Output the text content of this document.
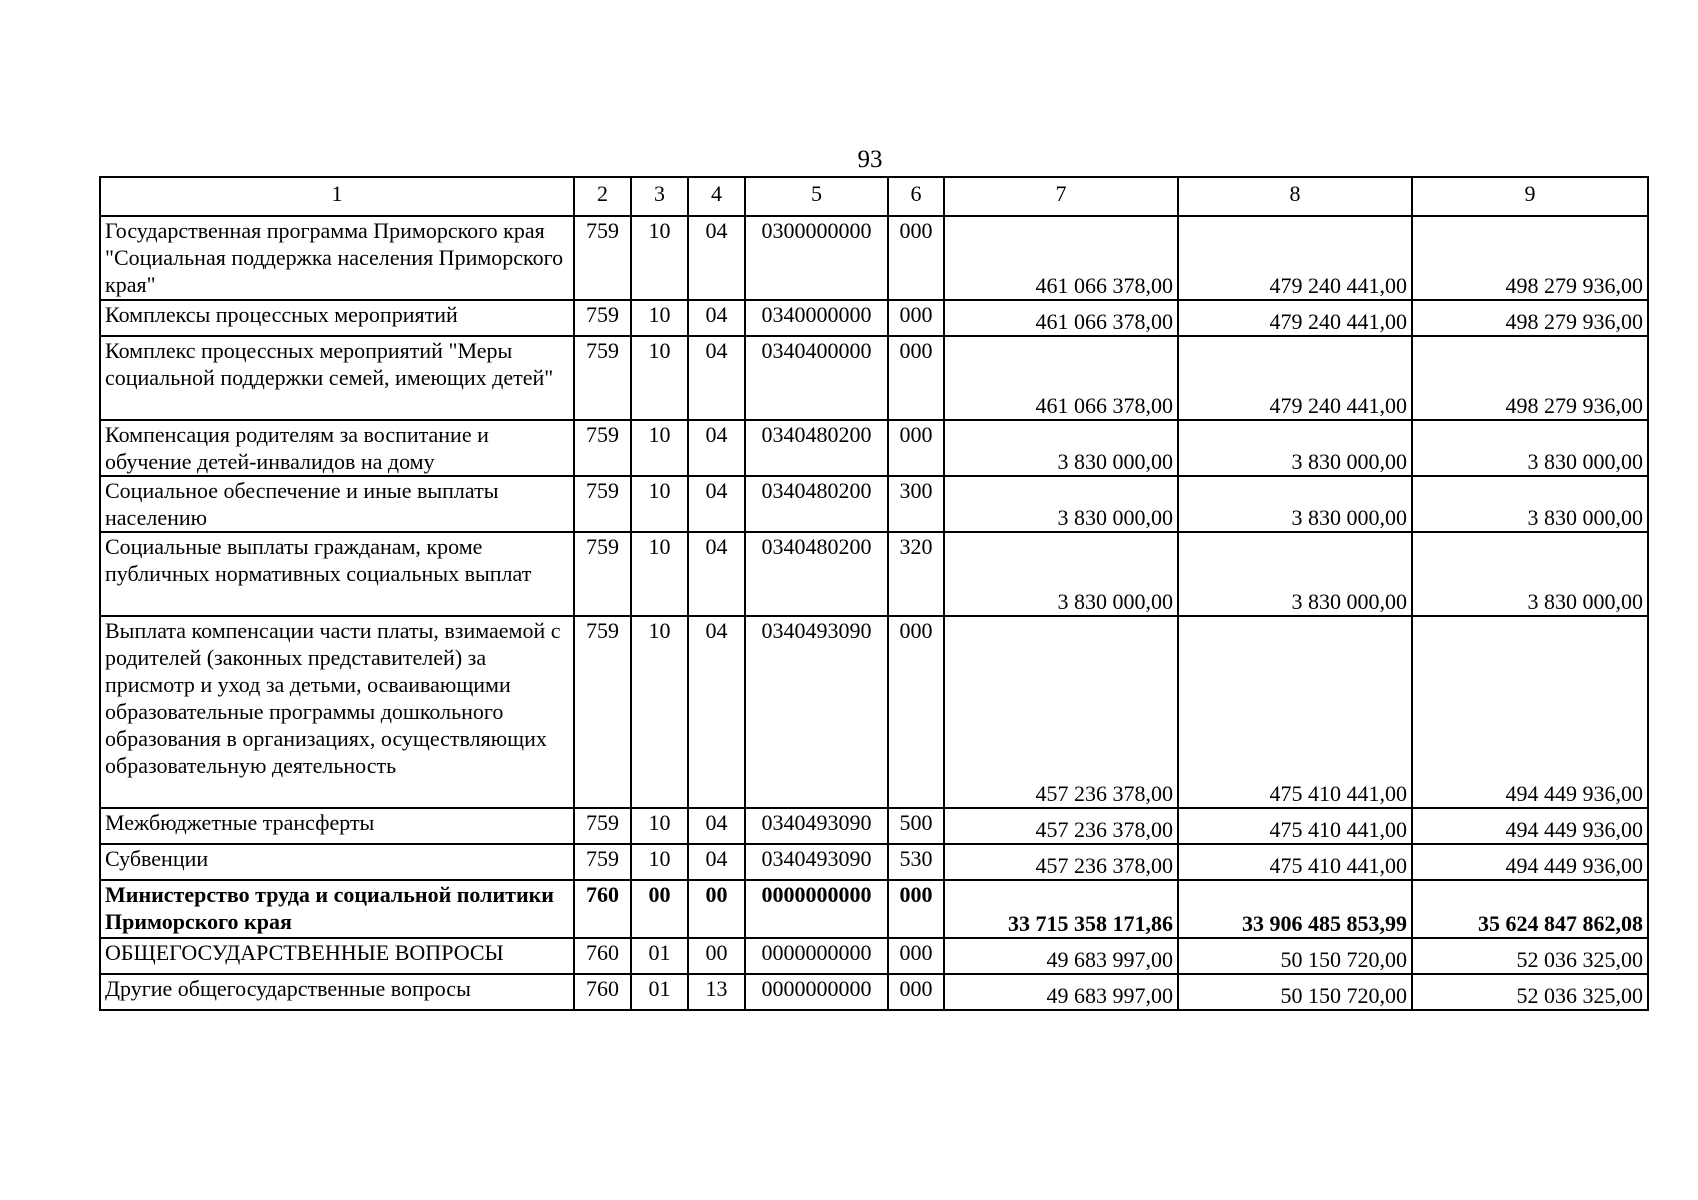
93
1	2	3	4	5	6	7	8	9
Государственная программа Приморского края "Социальная поддержка населения Приморского края"	759	10	04	0300000000	000	461 066 378,00	479 240 441,00	498 279 936,00
Комплексы процессных мероприятий	759	10	04	0340000000	000	461 066 378,00	479 240 441,00	498 279 936,00
Комплекс процессных мероприятий "Меры социальной поддержки семей, имеющих детей"	759	10	04	0340400000	000	461 066 378,00	479 240 441,00	498 279 936,00
Компенсация родителям за воспитание и обучение детей-инвалидов на дому	759	10	04	0340480200	000	3 830 000,00	3 830 000,00	3 830 000,00
Социальное обеспечение и иные выплаты населению	759	10	04	0340480200	300	3 830 000,00	3 830 000,00	3 830 000,00
Социальные выплаты гражданам, кроме публичных нормативных социальных выплат	759	10	04	0340480200	320	3 830 000,00	3 830 000,00	3 830 000,00
Выплата компенсации части платы, взимаемой с родителей (законных представителей) за присмотр и уход за детьми, осваивающими образовательные программы дошкольного образования в организациях, осуществляющих образовательную деятельность	759	10	04	0340493090	000	457 236 378,00	475 410 441,00	494 449 936,00
Межбюджетные трансферты	759	10	04	0340493090	500	457 236 378,00	475 410 441,00	494 449 936,00
Субвенции	759	10	04	0340493090	530	457 236 378,00	475 410 441,00	494 449 936,00
Министерство труда и социальной политики Приморского края	760	00	00	0000000000	000	33 715 358 171,86	33 906 485 853,99	35 624 847 862,08
ОБЩЕГОСУДАРСТВЕННЫЕ ВОПРОСЫ	760	01	00	0000000000	000	49 683 997,00	50 150 720,00	52 036 325,00
Другие общегосударственные вопросы	760	01	13	0000000000	000	49 683 997,00	50 150 720,00	52 036 325,00
